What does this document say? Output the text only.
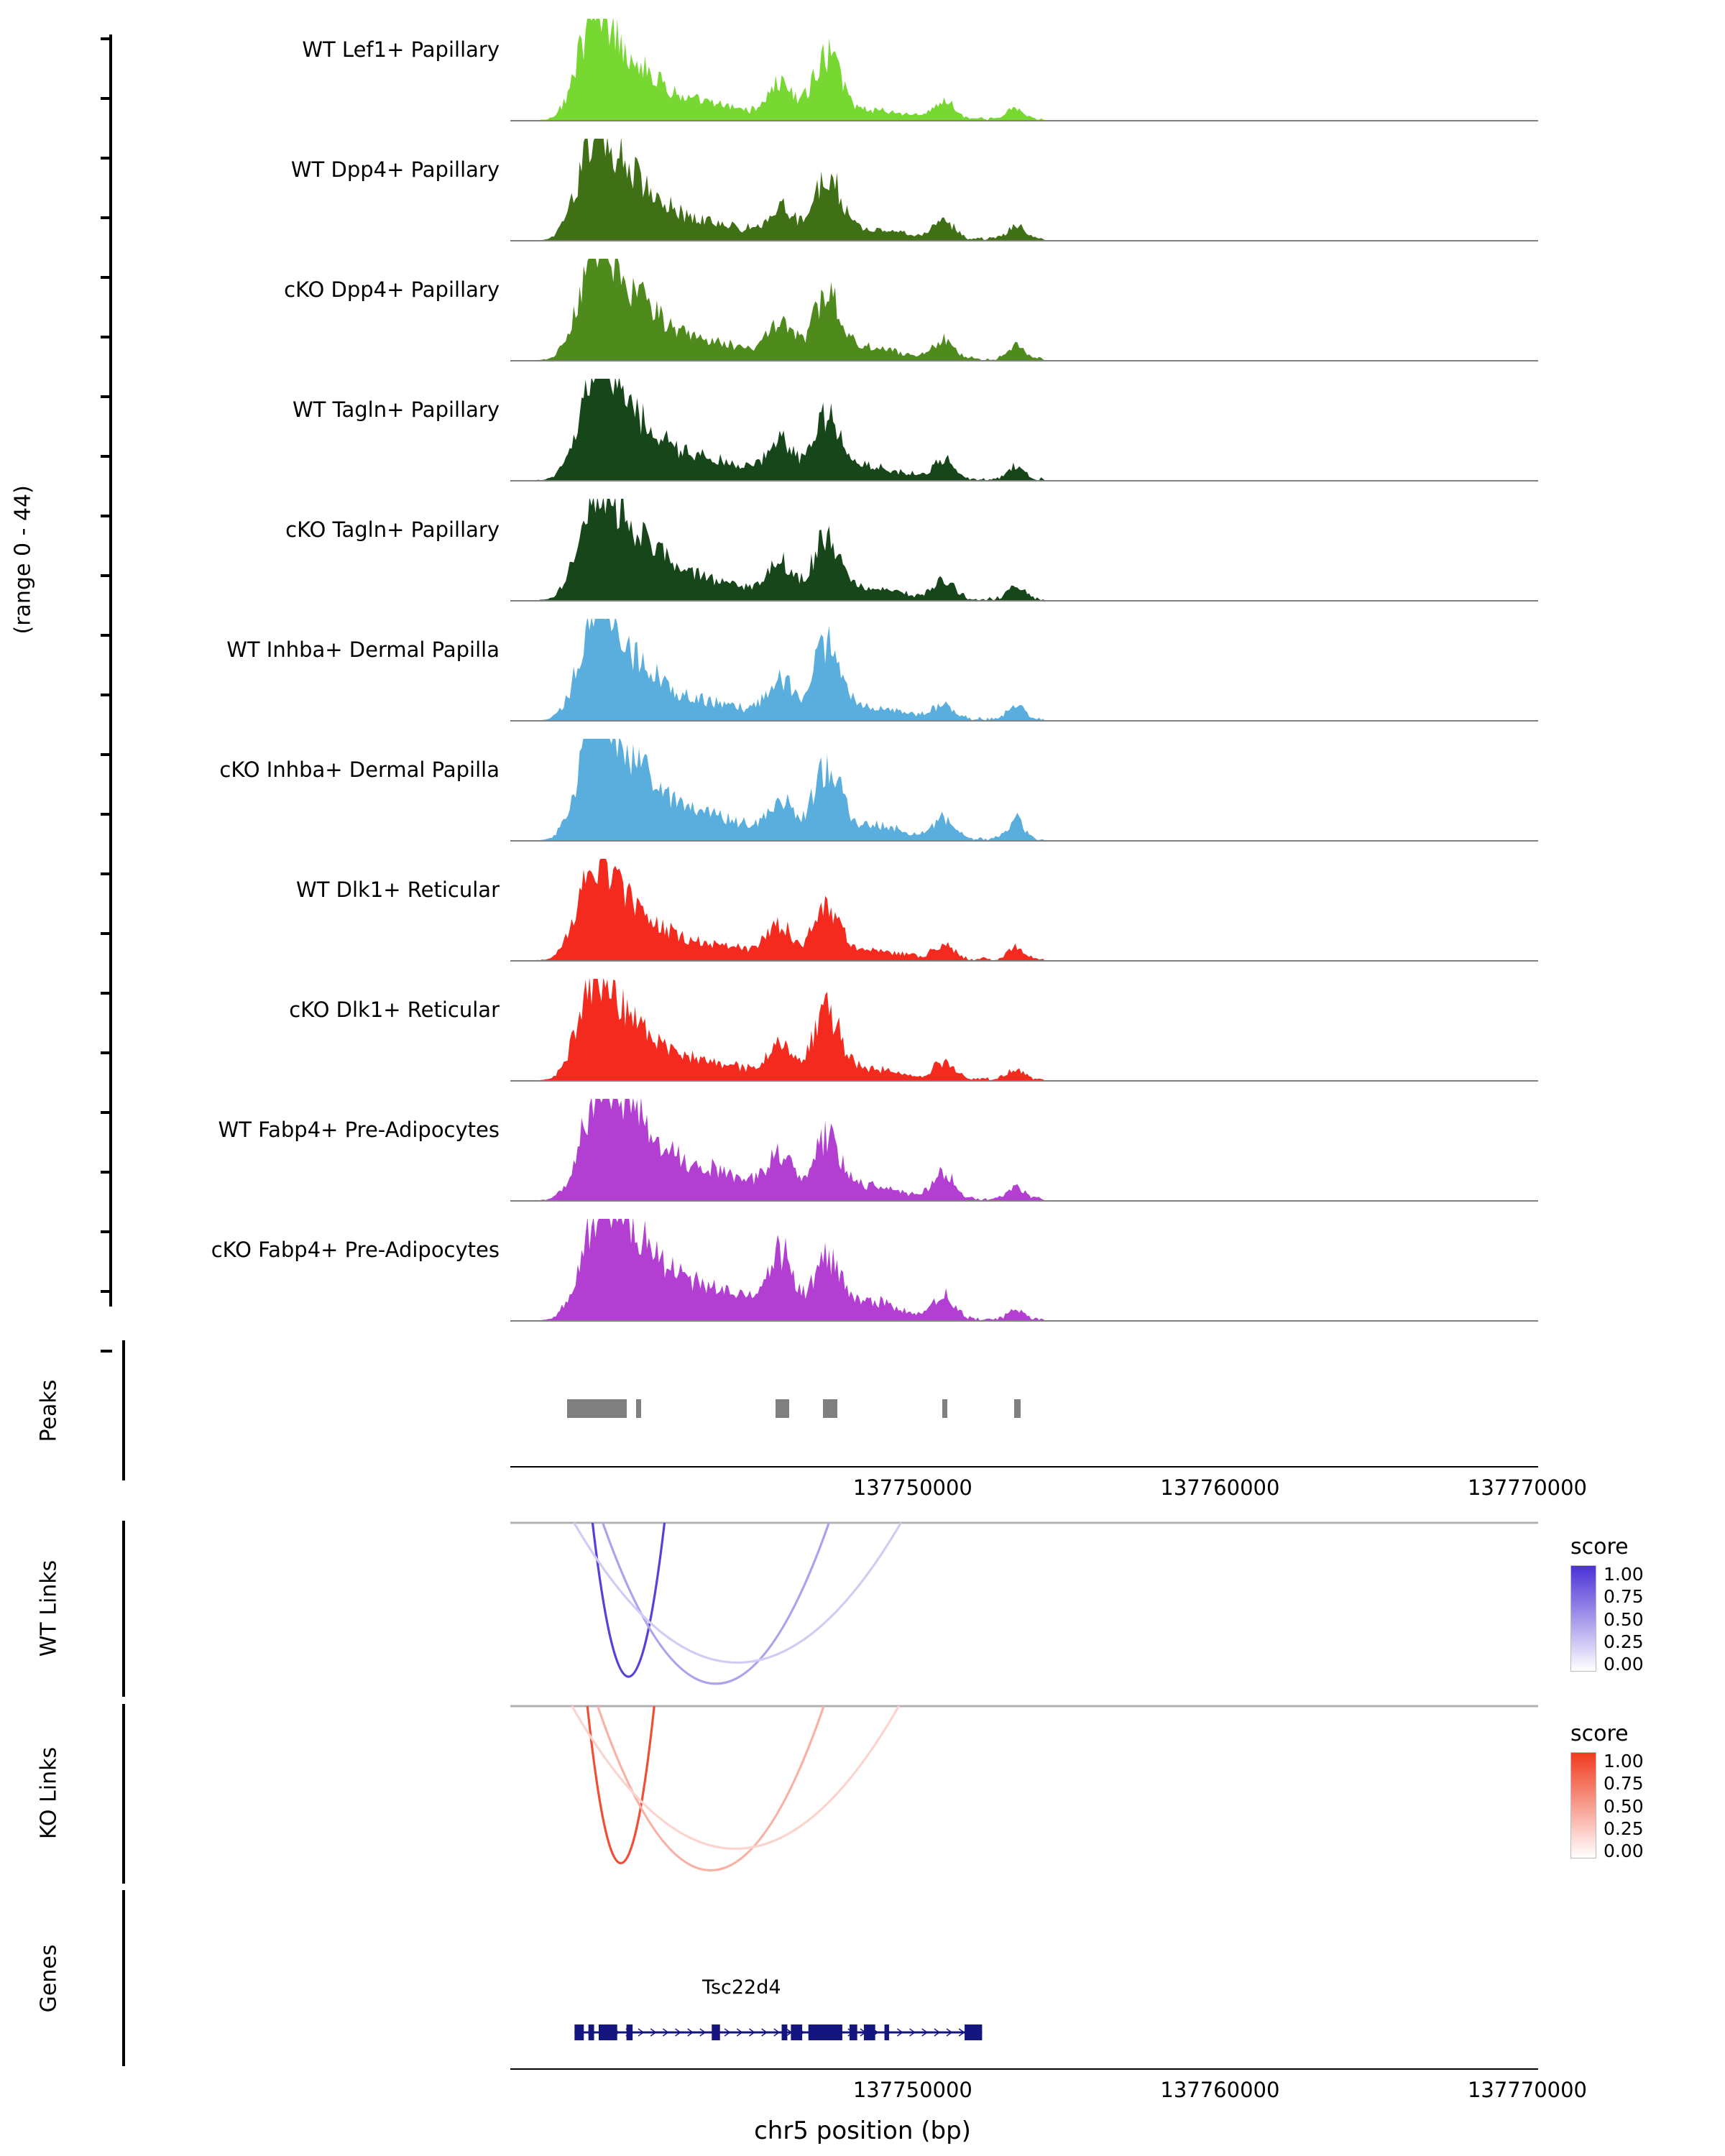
(range 0 - 44)
WT Lef1+ Papillary
WT Dpp4+ Papillary
cKO Dpp4+ Papillary
WT Tagln+ Papillary
cKO Tagln+ Papillary
WT Inhba+ Dermal Papilla
cKO Inhba+ Dermal Papilla
WT Dlk1+ Reticular
cKO Dlk1+ Reticular
WT Fabp4+ Pre-Adipocytes
cKO Fabp4+ Pre-Adipocytes
Peaks
137750000	137760000	137770000
WT Links
score
1.00
0.75
0.50
0.25
0.00
KO Links
score
1.00
0.75
0.50
0.25
0.00
Genes	Tsc22d4
137750000	137760000	137770000
chr5 position (bp)
